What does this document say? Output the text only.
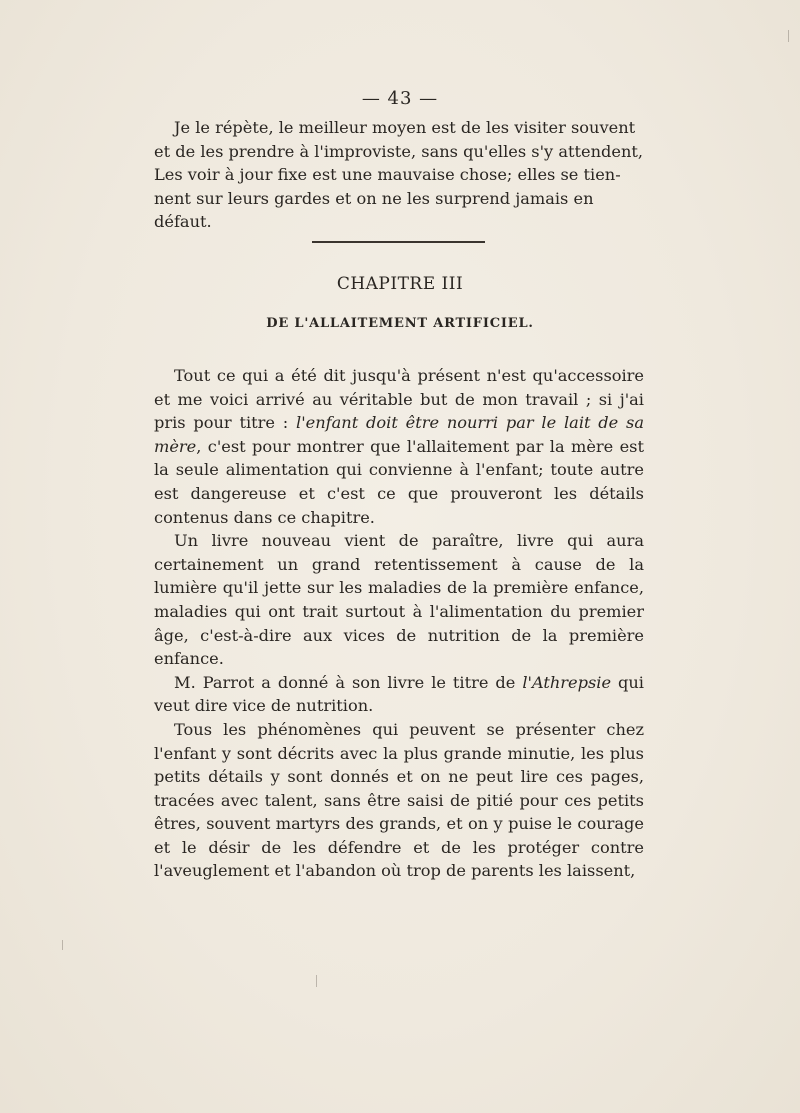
— 43 —
Je le répète, le meilleur moyen est de les visiter souvent
et de les prendre à l'improviste, sans qu'elles s'y attendent,
Les voir à jour fixe est une mauvaise chose; elles se tien-
nent sur leurs gardes et on ne les surprend jamais en
défaut.
CHAPITRE III
DE L'ALLAITEMENT ARTIFICIEL.

Tout ce qui a été dit jusqu'à présent n'est qu'accessoire et me voici arrivé au véritable but de mon travail ; si j'ai pris pour titre : l'enfant doit être nourri par le lait de sa mère, c'est pour montrer que l'allaitement par la mère est la seule alimentation qui convienne à l'enfant; toute autre est dangereuse et c'est ce que prouveront les détails contenus dans ce chapitre.

Un livre nouveau vient de paraître, livre qui aura certainement un grand retentissement à cause de la lumière qu'il jette sur les maladies de la première enfance, maladies qui ont trait surtout à l'alimentation du premier âge, c'est-à-dire aux vices de nutrition de la première enfance.

M. Parrot a donné à son livre le titre de l'Athrepsie qui veut dire vice de nutrition.

Tous les phénomènes qui peuvent se présenter chez l'enfant y sont décrits avec la plus grande minutie, les plus petits détails y sont donnés et on ne peut lire ces pages, tracées avec talent, sans être saisi de pitié pour ces petits êtres, souvent martyrs des grands, et on y puise le courage et le désir de les défendre et de les protéger contre l'aveuglement et l'abandon où trop de parents les laissent,
